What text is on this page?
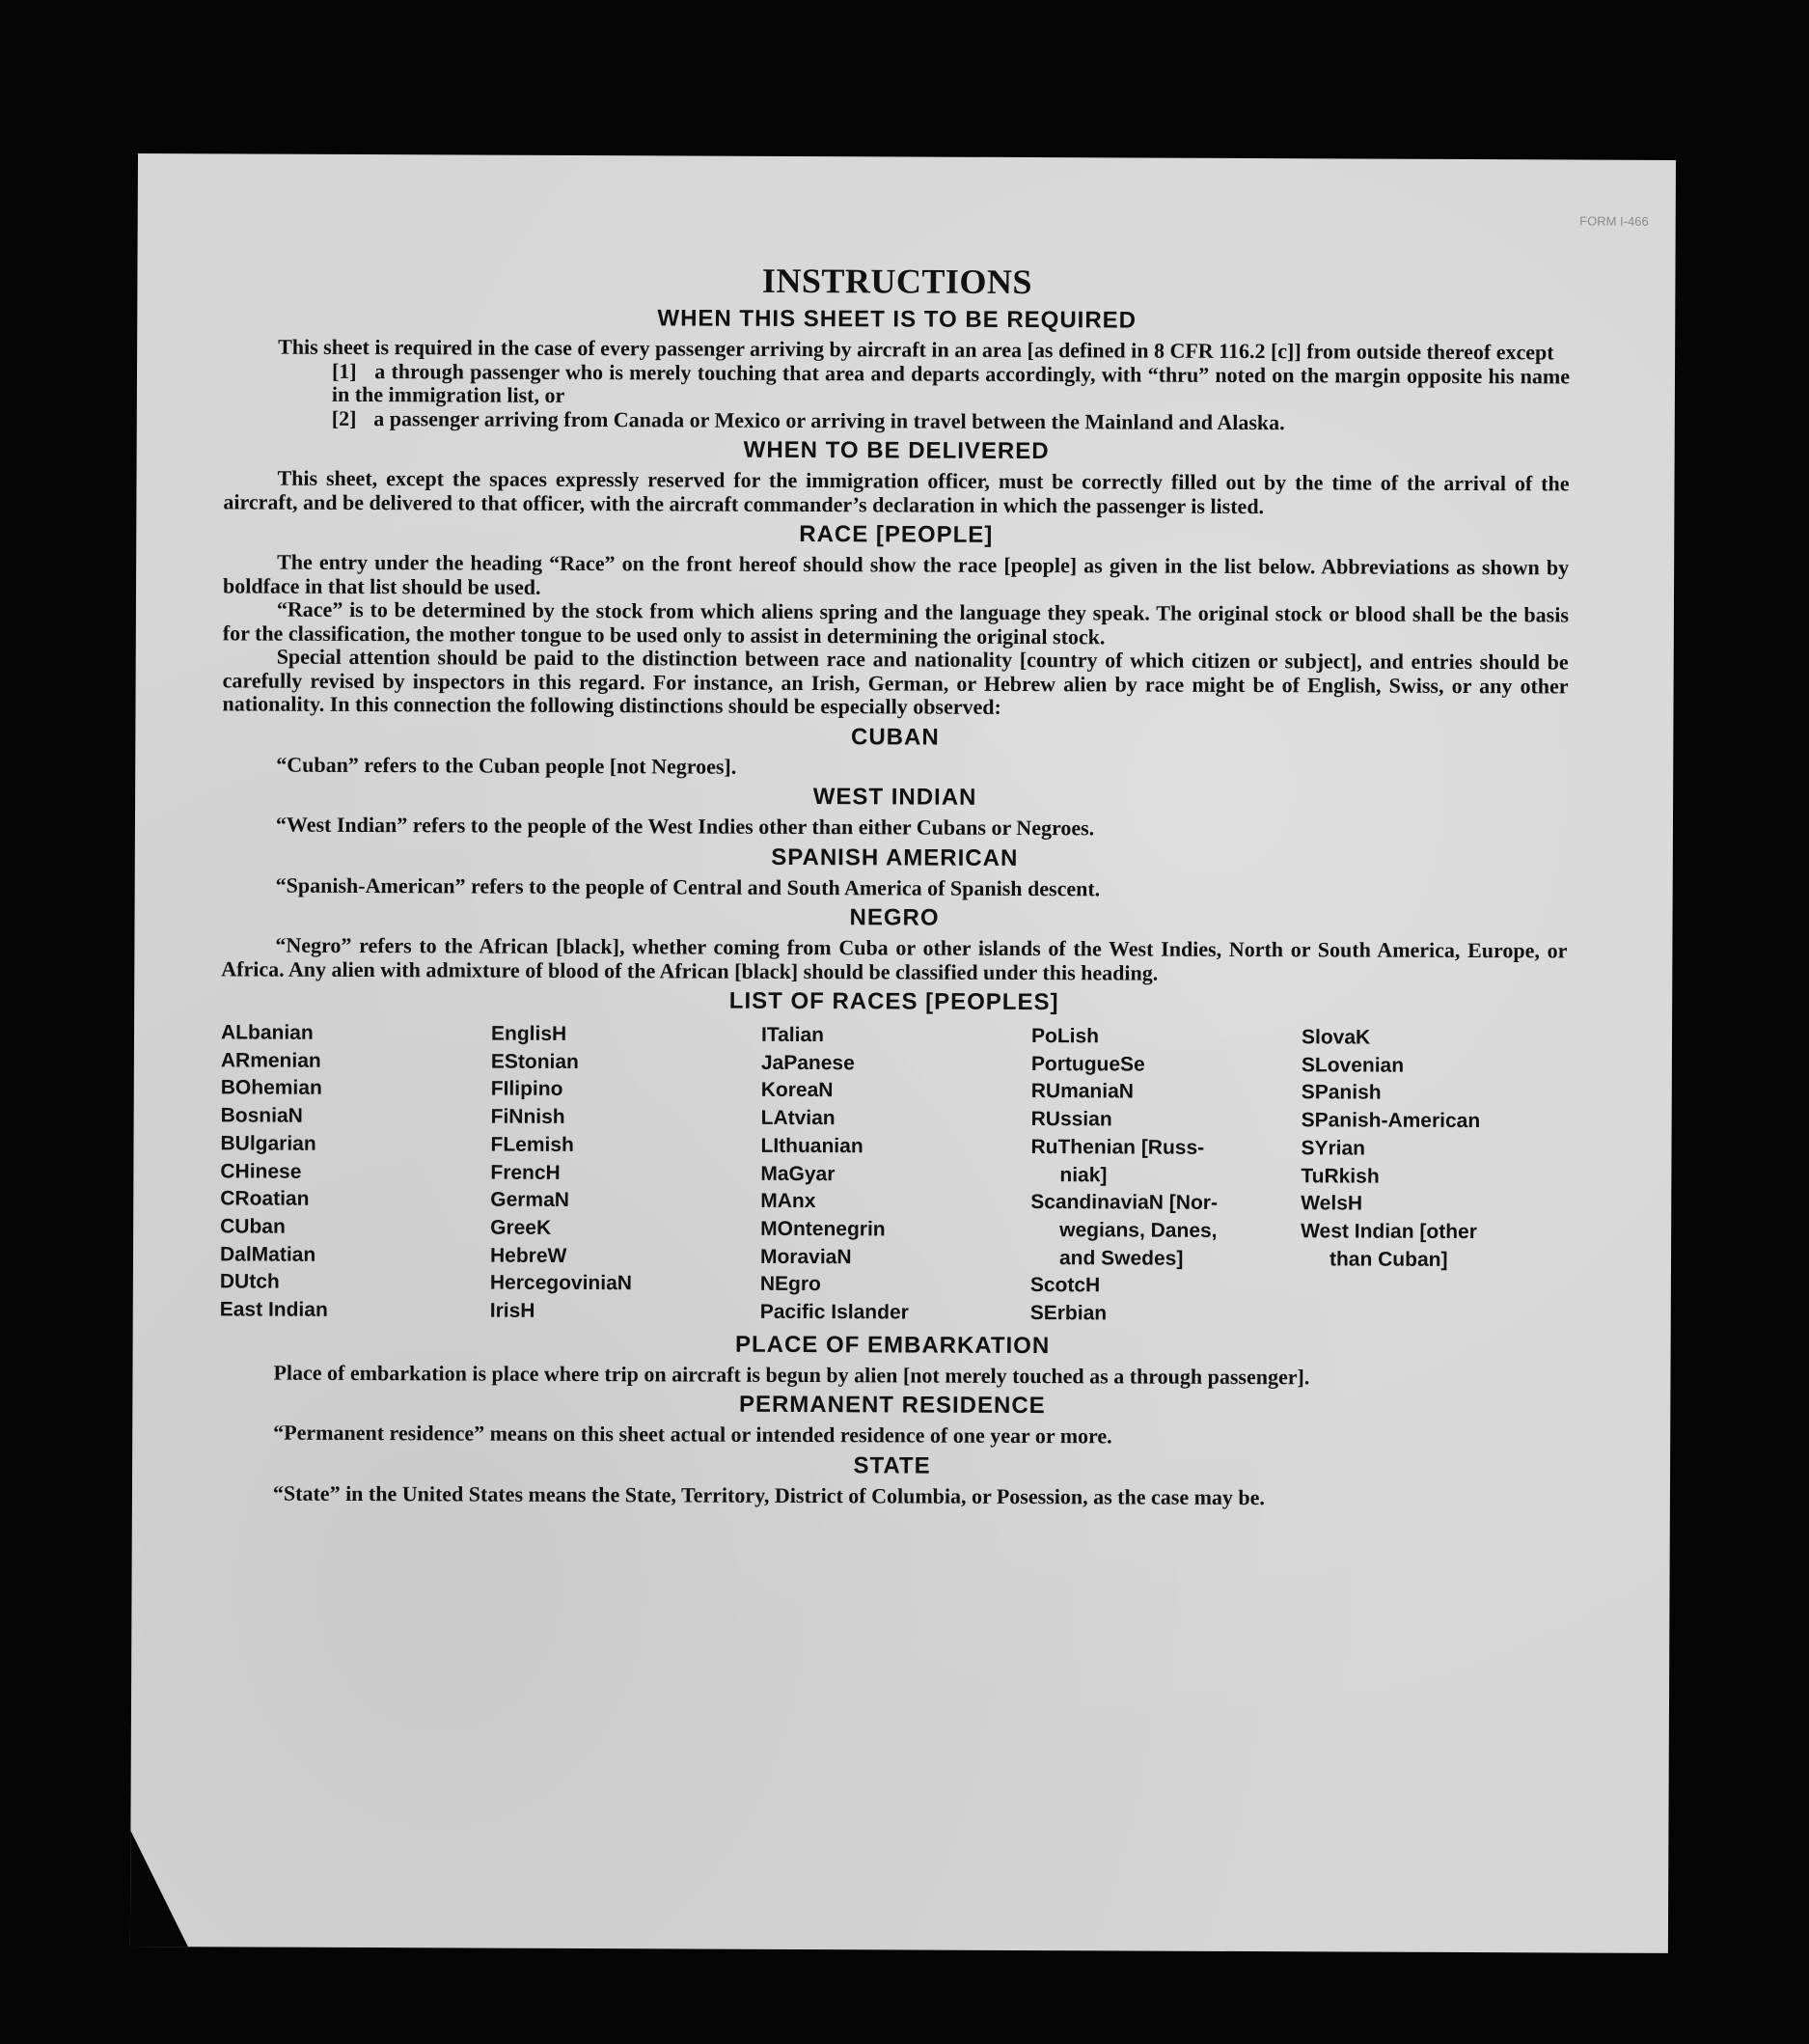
FORM I-466
INSTRUCTIONS
WHEN THIS SHEET IS TO BE REQUIRED

This sheet is required in the case of every passenger arriving by aircraft in an area [as defined in 8 CFR 116.2 [c]] from outside thereof except

[1] a through passenger who is merely touching that area and departs accordingly, with “thru” noted on the margin opposite his name in the immigration list, or
[2] a passenger arriving from Canada or Mexico or arriving in travel between the Mainland and Alaska.
WHEN TO BE DELIVERED

This sheet, except the spaces expressly reserved for the immigration officer, must be correctly filled out by the time of the arrival of the aircraft, and be delivered to that officer, with the aircraft commander’s declaration in which the passenger is listed.

RACE [PEOPLE]

The entry under the heading “Race” on the front hereof should show the race [people] as given in the list below. Abbreviations as shown by boldface in that list should be used.

“Race” is to be determined by the stock from which aliens spring and the language they speak. The original stock or blood shall be the basis for the classification, the mother tongue to be used only to assist in determining the original stock.

Special attention should be paid to the distinction between race and nationality [country of which citizen or subject], and entries should be carefully revised by inspectors in this regard. For instance, an Irish, German, or Hebrew alien by race might be of English, Swiss, or any other nationality. In this connection the following distinctions should be especially observed:

CUBAN

“Cuban” refers to the Cuban people [not Negroes].

WEST INDIAN

“West Indian” refers to the people of the West Indies other than either Cubans or Negroes.

SPANISH AMERICAN

“Spanish-American” refers to the people of Central and South America of Spanish descent.

NEGRO

“Negro” refers to the African [black], whether coming from Cuba or other islands of the West Indies, North or South America, Europe, or Africa. Any alien with admixture of blood of the African [black] should be classified under this heading.

LIST OF RACES [PEOPLES]
ALbanian
ARmenian
BOhemian
BosniaN
BUlgarian
CHinese
CRoatian
CUban
DalMatian
DUtch
East Indian
EnglisH
EStonian
FIlipino
FiNnish
FLemish
FrencH
GermaN
GreeK
HebreW
HercegoviniaN
IrisH
ITalian
JaPanese
KoreaN
LAtvian
LIthuanian
MaGyar
MAnx
MOntenegrin
MoraviaN
NEgro
Pacific Islander
PoLish
PortugueSe
RUmaniaN
RUssian
RuThenian [Russ-
niak]
ScandinaviaN [Nor-
wegians, Danes,
and Swedes]
ScotcH
SErbian
SlovaK
SLovenian
SPanish
SPanish-American
SYrian
TuRkish
WelsH
West Indian [other
than Cuban]
PLACE OF EMBARKATION

Place of embarkation is place where trip on aircraft is begun by alien [not merely touched as a through passenger].

PERMANENT RESIDENCE

“Permanent residence” means on this sheet actual or intended residence of one year or more.

STATE

“State” in the United States means the State, Territory, District of Columbia, or Posession, as the case may be.
